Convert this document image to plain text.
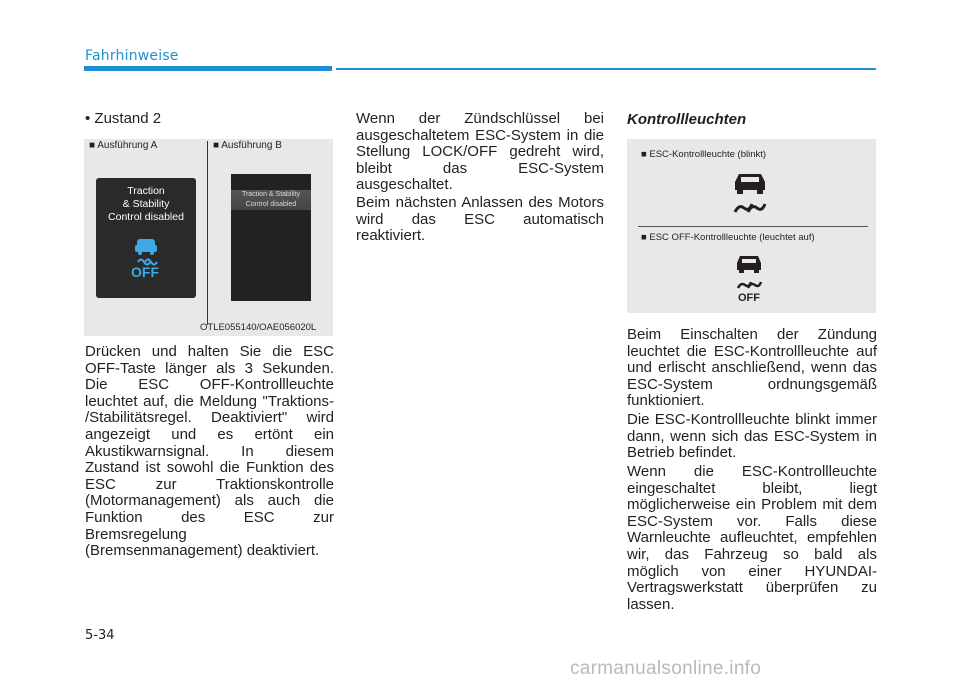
Fahrhinweise
• Zustand 2
■ Ausführung A	■ Ausführung B
Traction
& Stability
Control disabled
OFF
Traction & Stability
Control disabled
OTLE055140/OAE056020L
Drücken und halten Sie die ESC OFF-Taste länger als 3 Sekunden. Die ESC OFF-Kontrollleuchte leuchtet auf, die Meldung "Traktions- /Stabilitätsregel. Deaktiviert" wird angezeigt und es ertönt ein Akustikwarnsignal. In diesem Zustand ist sowohl die Funktion des ESC zur Traktionskontrolle (Motormanagement) als auch die Funktion des ESC zur Bremsregelung (Bremsenmanagement) deaktiviert.
Wenn der Zündschlüssel bei ausgeschaltetem ESC-System in die Stellung LOCK/OFF gedreht wird, bleibt das ESC-System ausgeschaltet.
Beim nächsten Anlassen des Motors wird das ESC automatisch reaktiviert.
Kontrollleuchten
■ ESC-Kontrollleuchte (blinkt)
■ ESC OFF-Kontrollleuchte (leuchtet auf)
OFF
Beim Einschalten der Zündung leuchtet die ESC-Kontrollleuchte auf und erlischt anschließend, wenn das ESC-System ordnungsgemäß funktioniert.
Die ESC-Kontrollleuchte blinkt immer dann, wenn sich das ESC-System in Betrieb befindet.
Wenn die ESC-Kontrollleuchte eingeschaltet bleibt, liegt möglicherweise ein Problem mit dem ESC-System vor. Falls diese Warnleuchte aufleuchtet, empfehlen wir, das Fahrzeug so bald als möglich von einer HYUNDAI-Vertragswerkstatt überprüfen zu lassen.
5-34
carmanualsonline.info
